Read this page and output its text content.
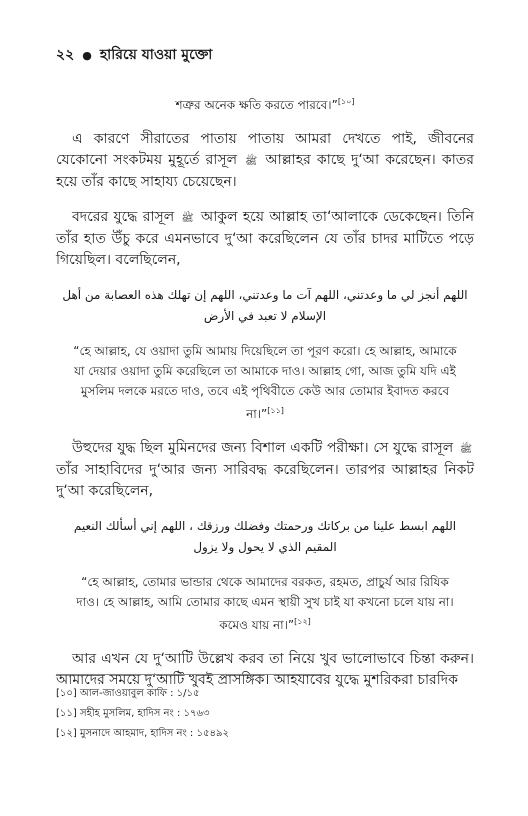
২২ ● হারিয়ে যাওয়া মুক্তো

শত্রুর অনেক ক্ষতি করতে পারবে।”[১০]

এ কারণে সীরাতের পাতায় পাতায় আমরা দেখতে পাই, জীবনের যেকোনো সংকটময় মুহূর্তে রাসূল ﷺ আল্লাহর কাছে দু‘আ করেছেন। কাতর হয়ে তাঁর কাছে সাহায্য চেয়েছেন।

বদরের যুদ্ধে রাসূল ﷺ আকুল হয়ে আল্লাহ তা‘আলাকে ডেকেছেন। তিনি তাঁর হাত উঁচু করে এমনভাবে দু‘আ করেছিলেন যে তাঁর চাদর মাটিতে পড়ে গিয়েছিল। বলেছিলেন,

اللهم أنجز لي ما وعدتني، اللهم آت ما وعدتني، اللهم إن تهلك هذه العصابة من أهل الإسلام لا تعبد في الأرض

“হে আল্লাহ, যে ওয়াদা তুমি আমায় দিয়েছিলে তা পূরণ করো। হে আল্লাহ, আমাকে যা দেয়ার ওয়াদা তুমি করেছিলে তা আমাকে দাও। আল্লাহ গো, আজ তুমি যদি এই মুসলিম দলকে মরতে দাও, তবে এই পৃথিবীতে কেউ আর তোমার ইবাদত করবে না।”[১১]

উহুদের যুদ্ধ ছিল মুমিনদের জন্য বিশাল একটি পরীক্ষা। সে যুদ্ধে রাসূল ﷺ তাঁর সাহাবিদের দু‘আর জন্য সারিবদ্ধ করেছিলেন। তারপর আল্লাহর নিকট দু‘আ করেছিলেন,

اللهم ابسط علينا من بركاتك ورحمتك وفضلك ورزقك ، اللهم إني أسألك النعيم المقيم الذي لا يحول ولا يزول

“হে আল্লাহ, তোমার ভান্ডার থেকে আমাদের বরকত, রহমত, প্রাচুর্য আর রিযিক দাও। হে আল্লাহ, আমি তোমার কাছে এমন স্থায়ী সুখ চাই যা কখনো চলে যায় না। কমেও যায় না।”[১২]

আর এখন যে দু‘আটি উল্লেখ করব তা নিয়ে খুব ভালোভাবে চিন্তা করুন। আমাদের সময়ে দু‘আটি খুবই প্রাসঙ্গিক। আহযাবের যুদ্ধে মুশরিকরা চারদিক

[১০] আল-জাওয়াবুল কাফি : ১/১৫
[১১] সহীহ মুসলিম, হাদিস নং : ১৭৬৩
[১২] মুসনাদে আহমাদ, হাদিস নং : ১৫৪৯২
